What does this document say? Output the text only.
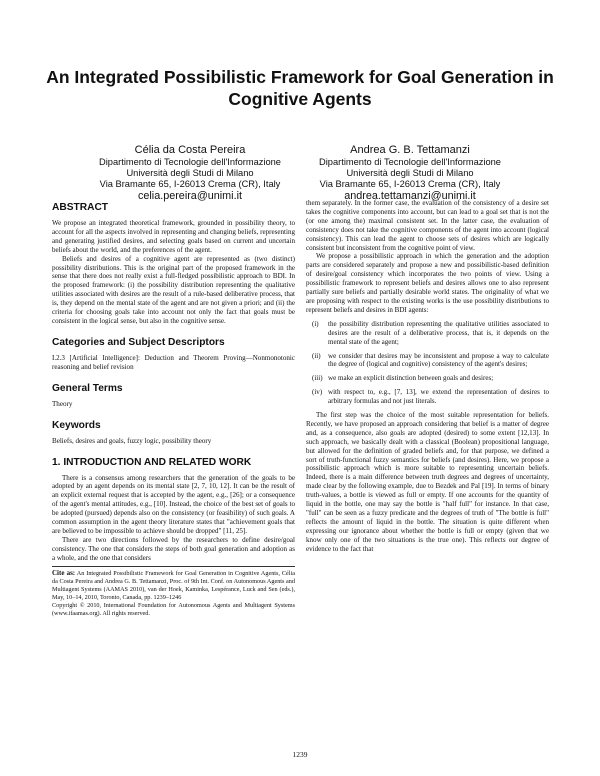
An Integrated Possibilistic Framework for Goal Generation in Cognitive Agents
Célia da Costa Pereira
Dipartimento di Tecnologie dell'Informazione
Università degli Studi di Milano
Via Bramante 65, I-26013 Crema (CR), Italy
celia.pereira@unimi.it
Andrea G. B. Tettamanzi
Dipartimento di Tecnologie dell'Informazione
Università degli Studi di Milano
Via Bramante 65, I-26013 Crema (CR), Italy
andrea.tettamanzi@unimi.it
ABSTRACT

We propose an integrated theoretical framework, grounded in possibility theory, to account for all the aspects involved in representing and changing beliefs, representing and generating justified desires, and selecting goals based on current and uncertain beliefs about the world, and the preferences of the agent.

Beliefs and desires of a cognitive agent are represented as (two distinct) possibility distributions. This is the original part of the proposed framework in the sense that there does not really exist a full-fledged possibilistic approach to BDI. In the proposed framework: (i) the possibility distribution representing the qualitative utilities associated with desires are the result of a rule-based deliberative process, that is, they depend on the mental state of the agent and are not given a priori; and (ii) the criteria for choosing goals take into account not only the fact that goals must be consistent in the logical sense, but also in the cognitive sense.

Categories and Subject Descriptors

I.2.3 [Artificial Intelligence]: Deduction and Theorem Proving—Nonmonotonic reasoning and belief revision

General Terms

Theory

Keywords

Beliefs, desires and goals, fuzzy logic, possibility theory

1. INTRODUCTION AND RELATED WORK

There is a consensus among researchers that the generation of the goals to be adopted by an agent depends on its mental state [2, 7, 10, 12]. It can be the result of an explicit external request that is accepted by the agent, e.g., [26]; or a consequence of the agent's mental attitudes, e.g., [10]. Instead, the choice of the best set of goals to be adopted (pursued) depends also on the consistency (or feasibility) of such goals. A common assumption in the agent theory literature states that "achievement goals that are believed to be impossible to achieve should be dropped" [11, 25].

There are two directions followed by the researchers to define desire/goal consistency. The one that considers the steps of both goal generation and adoption as a whole, and the one that considers

Cite as: An Integrated Possibilistic Framework for Goal Generation in Cognitive Agents, Célia da Costa Pereira and Andrea G. B. Tettamanzi, Proc. of 9th Int. Conf. on Autonomous Agents and Multiagent Systems (AAMAS 2010), van der Hoek, Kaminka, Lespérance, Luck and Sen (eds.), May, 10–14, 2010, Toronto, Canada, pp. 1239–1246
Copyright © 2010, International Foundation for Autonomous Agents and Multiagent Systems (www.ifaamas.org). All rights reserved.

them separately. In the former case, the evaluation of the consistency of a desire set takes the cognitive components into account, but can lead to a goal set that is not the (or one among the) maximal consistent set. In the latter case, the evaluation of consistency does not take the cognitive components of the agent into account (logical consistency). This can lead the agent to choose sets of desires which are logically consistent but inconsistent from the cognitive point of view.

We propose a possibilistic approach in which the generation and the adoption parts are considered separately and propose a new and possibilistic-based definition of desire/goal consistency which incorporates the two points of view. Using a possibilistic framework to represent beliefs and desires allows one to also represent partially sure beliefs and partially desirable world states. The originality of what we are proposing with respect to the existing works is the use possibility distributions to represent beliefs and desires in BDI agents:

(i) the possibility distribution representing the qualitative utilities associated to desires are the result of a deliberative process, that is, it depends on the mental state of the agent;
(ii) we consider that desires may be inconsistent and propose a way to calculate the degree of (logical and cognitive) consistency of the agent's desires;
(iii) we make an explicit distinction between goals and desires;
(iv) with respect to, e.g., [7, 13], we extend the representation of desires to arbitrary formulas and not just literals.

The first step was the choice of the most suitable representation for beliefs. Recently, we have proposed an approach considering that belief is a matter of degree and, as a consequence, also goals are adopted (desired) to some extent [12,13]. In such approach, we basically dealt with a classical (Boolean) propositional language, but allowed for the definition of graded beliefs and, for that purpose, we defined a sort of truth-functional fuzzy semantics for beliefs (and desires). Here, we propose a possibilistic approach which is more suitable to representing uncertain beliefs. Indeed, there is a main difference between truth degrees and degrees of uncertainty, made clear by the following example, due to Bezdek and Pal [19]. In terms of binary truth-values, a bottle is viewed as full or empty. If one accounts for the quantity of liquid in the bottle, one may say the bottle is "half full" for instance. In that case, "full" can be seen as a fuzzy predicate and the degrees of truth of "The bottle is full" reflects the amount of liquid in the bottle. The situation is quite different when expressing our ignorance about whether the bottle is full or empty (given that we know only one of the two situations is the true one). This reflects our degree of evidence to the fact that

1239
